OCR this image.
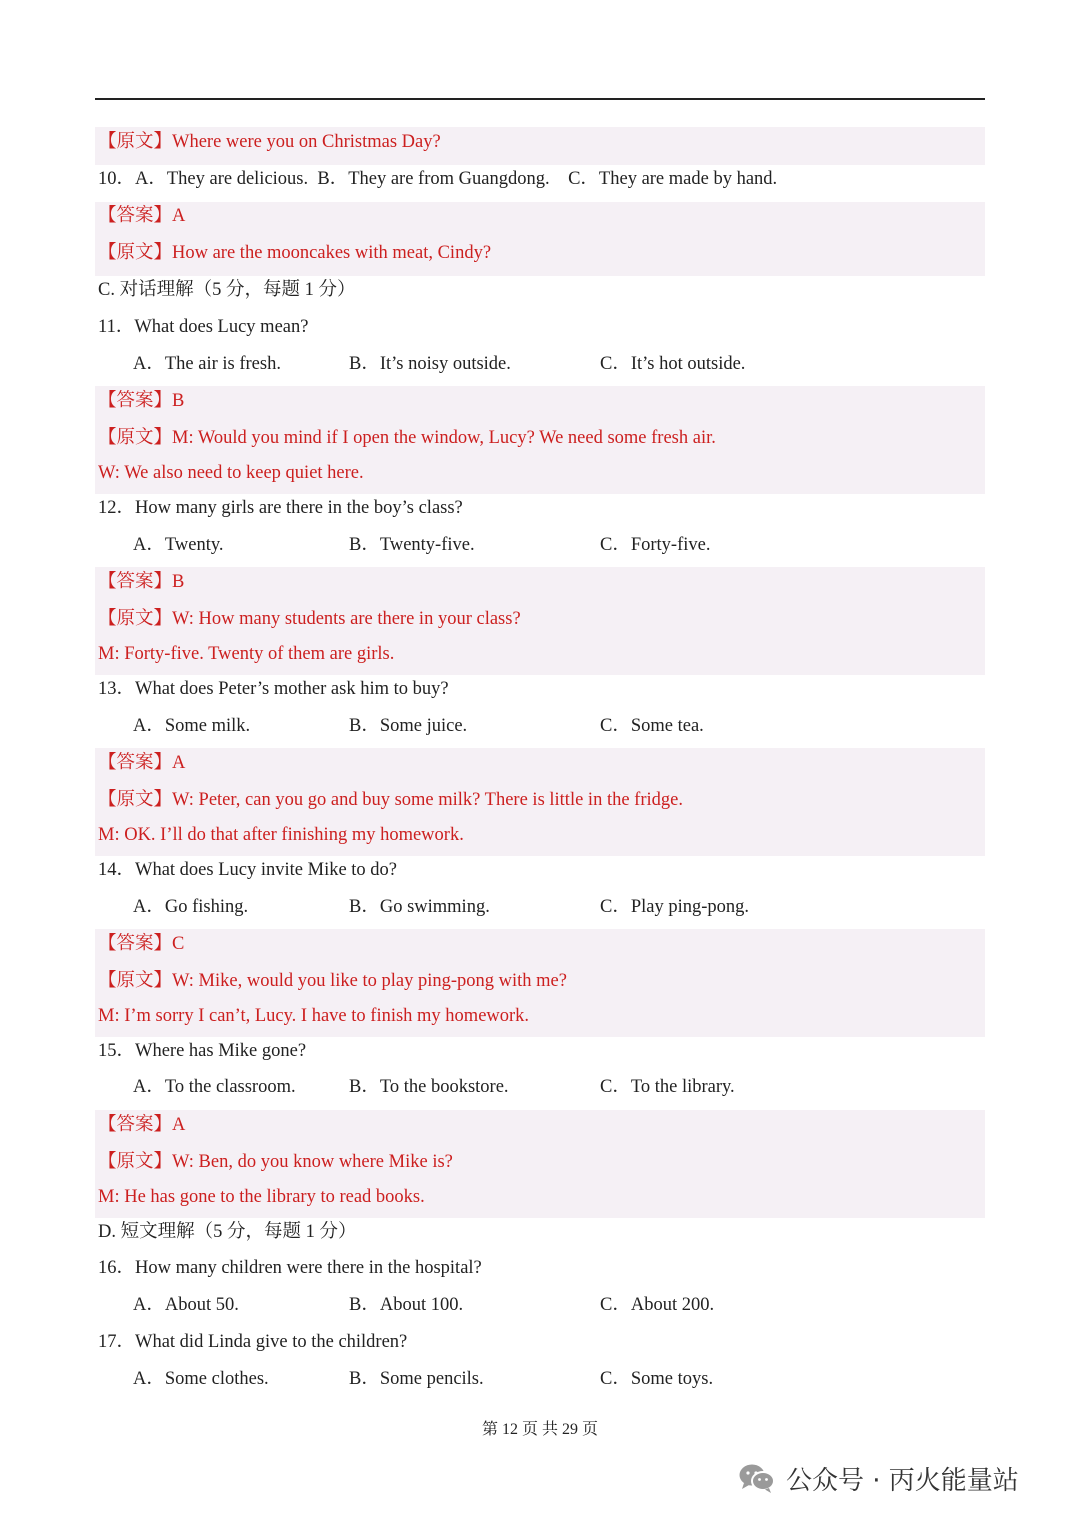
【原文】Where were you on Christmas Day?
10．A．They are delicious.  B．They are from Guangdong.    C．They are made by hand.
【答案】A
【原文】How are the mooncakes with meat, Cindy?
C. 对话理解（5 分，每题 1 分）
11．What does Lucy mean?
A．The air is fresh.	B．It’s noisy outside.	C．It’s hot outside.
【答案】B
【原文】M: Would you mind if I open the window, Lucy? We need some fresh air.
W: We also need to keep quiet here.
12．How many girls are there in the boy’s class?
A．Twenty.	B．Twenty-five.	C．Forty-five.
【答案】B
【原文】W: How many students are there in your class?
M: Forty-five. Twenty of them are girls.
13．What does Peter’s mother ask him to buy?
A．Some milk.	B．Some juice.	C．Some tea.
【答案】A
【原文】W: Peter, can you go and buy some milk? There is little in the fridge.
M: OK. I’ll do that after finishing my homework.
14．What does Lucy invite Mike to do?
A．Go fishing.	B．Go swimming.	C．Play ping-pong.
【答案】C
【原文】W: Mike, would you like to play ping-pong with me?
M: I’m sorry I can’t, Lucy. I have to finish my homework.
15．Where has Mike gone?
A．To the classroom.	B．To the bookstore.	C．To the library.
【答案】A
【原文】W: Ben, do you know where Mike is?
M: He has gone to the library to read books.
D. 短文理解（5 分，每题 1 分）
16．How many children were there in the hospital?
A．About 50.	B．About 100.	C．About 200.
17．What did Linda give to the children?
A．Some clothes.	B．Some pencils.	C．Some toys.
第 12 页 共 29 页
公众号 · 丙火能量站
